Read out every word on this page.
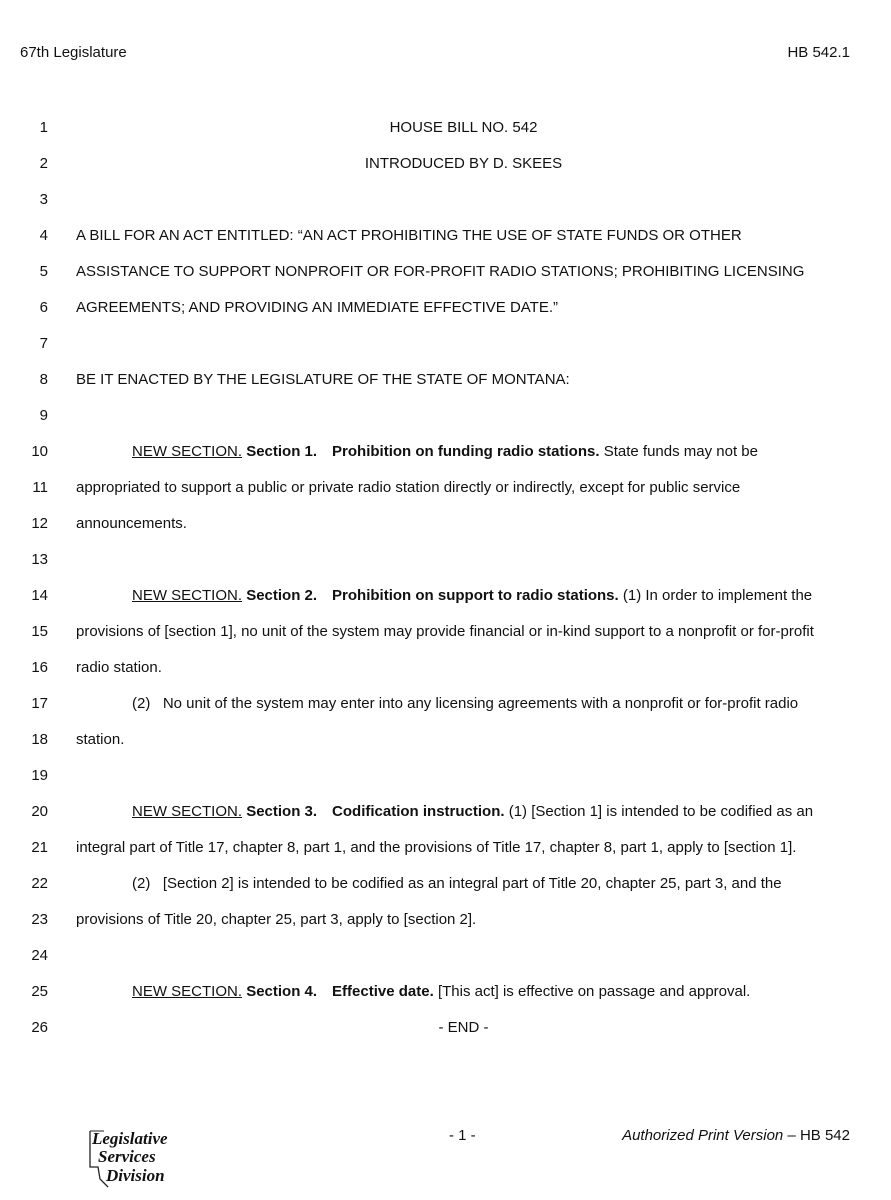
67th Legislature	HB 542.1
1	HOUSE BILL NO. 542
2	INTRODUCED BY D. SKEES
3
4 A BILL FOR AN ACT ENTITLED: “AN ACT PROHIBITING THE USE OF STATE FUNDS OR OTHER
5 ASSISTANCE TO SUPPORT NONPROFIT OR FOR-PROFIT RADIO STATIONS; PROHIBITING LICENSING
6 AGREEMENTS; AND PROVIDING AN IMMEDIATE EFFECTIVE DATE.”
7
8 BE IT ENACTED BY THE LEGISLATURE OF THE STATE OF MONTANA:
9
10	NEW SECTION. Section 1. Prohibition on funding radio stations. State funds may not be
11 appropriated to support a public or private radio station directly or indirectly, except for public service
12 announcements.
13
14	NEW SECTION. Section 2. Prohibition on support to radio stations. (1) In order to implement the
15 provisions of [section 1], no unit of the system may provide financial or in-kind support to a nonprofit or for-profit
16 radio station.
17	(2)   No unit of the system may enter into any licensing agreements with a nonprofit or for-profit radio
18 station.
19
20	NEW SECTION. Section 3. Codification instruction. (1) [Section 1] is intended to be codified as an
21 integral part of Title 17, chapter 8, part 1, and the provisions of Title 17, chapter 8, part 1, apply to [section 1].
22	(2)   [Section 2] is intended to be codified as an integral part of Title 20, chapter 25, part 3, and the
23 provisions of Title 20, chapter 25, part 3, apply to [section 2].
24
25	NEW SECTION. Section 4. Effective date. [This act] is effective on passage and approval.
26	- END -
Legislative
Services
Division
- 1 -	Authorized Print Version – HB 542
